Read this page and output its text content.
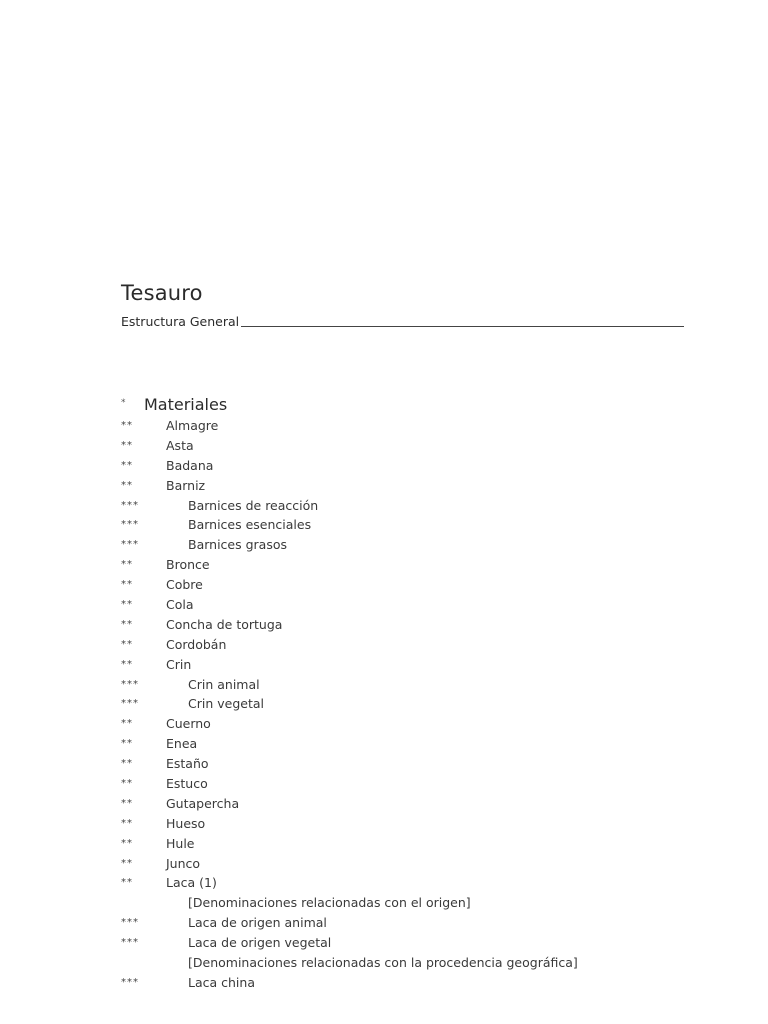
Tesauro
Estructura General
* Materiales
**	Almagre
**	Asta
**	Badana
**	Barniz
***	Barnices de reacción
***	Barnices esenciales
***	Barnices grasos
**	Bronce
**	Cobre
**	Cola
**	Concha de tortuga
**	Cordobán
**	Crin
***	Crin animal
***	Crin vegetal
**	Cuerno
**	Enea
**	Estaño
**	Estuco
**	Gutapercha
**	Hueso
**	Hule
**	Junco
**	Laca (1)
[Denominaciones relacionadas con el origen]
***	Laca de origen animal
***	Laca de origen vegetal
[Denominaciones relacionadas con la procedencia geográfica]
***	Laca china
